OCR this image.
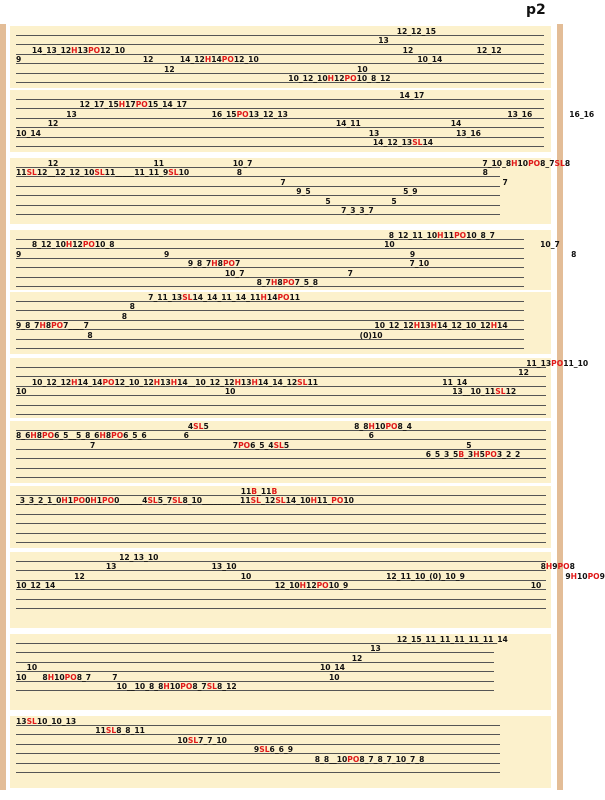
p2
12_12_15
13
14_13_12H13PO12_10                                                                                                         12                        12_12
9                                              12          14_12H14PO12_10                                                            10_14
12                                                                     10
10_12_10H12PO10_8_12
14_17
12_17_15H17PO15_14_17
13                                                   16_15PO13_12_13                                                                                   13_16              16_16
12                                                                                                         14_11                                  14
10_14                                                                                                                            13                             13_16
14_12_13SL14
12                                    11                          10_7                                                                                       7_10_8H10PO8_7SL8
11SL12__12_12_10SL11_____11_11_9SL10                  8                                                                                           8
7                                                                                  7
9_5                                   5_9
5                       5
7_3_3_7
8_12_11_10H11PO10_8_7
8_12_10H12PO10_8                                                                                                      10                                                       10_7
9                                                      9                                                                                           9                                                           8
9_8_7H8PO7                                                                7_10
10_7                                       7
8_7H8PO7_5_8
7_11_13SL14_14_11_14_11H14PO11
8
8
9_8_7H8PO7____7                                                                                                            10_12_12H13H14_12_10_12H14
8                                                                                                     (0)10
11_13PO11_10
12
10_12_12H14_14PO12_10_12H13H14__10_12_12H13H14_14_12SL11                                               11_14
10                                                                           10                                                                                  13__10_11SL12
4SL5                                                       8_8H10PO8_4
8_6H8PO6_5__5_8_6H8PO6_5_6              6                                                                    6
7                                                    7PO6_5_4SL5                                                                   5
6_5_3_5B_3H5PO3_2_2
11B_11B
_3_3_2_1_0H1PO0H1PO0______4SL5_7SL8_10__________11SL_12SL14_10H11_PO10
12_13_10
13                                    13_10                                                                                                                   8H9PO8
12                                                           10                                                   12_11_10_(0)_10_9                                      9H10PO9
10_12_14                                                                                   12_10H12PO10_9                                                                     10
12_15_11_11_11_11_11_14
13
12
10                                                                                                           10_14
10      8H10PO8_7        7                                                                                10
10__10_8_8H10PO8_7SL8_12
13SL10_10_13
11SL8_8_11
10SL7_7_10
9SL6_6_9
8_8__10PO8_7_8_7_10_7_8
